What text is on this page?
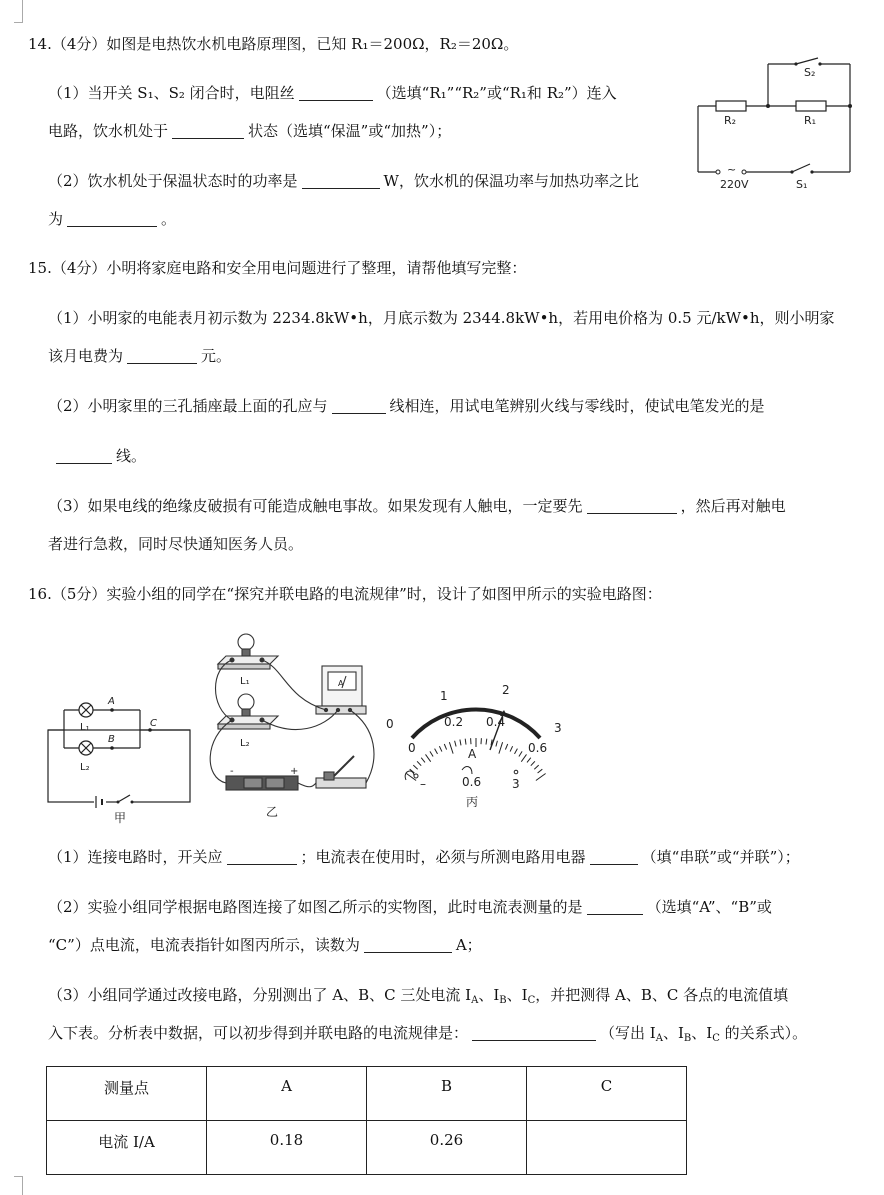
14.（4分）如图是电热饮水机电路原理图，已知 R₁＝200Ω，R₂＝20Ω。
（1）当开关 S₁、S₂ 闭合时，电阻丝	（选填“R₁”“R₂”或“R₁和 R₂”）连入
电路，饮水机处于	状态（选填“保温”或“加热”）；
（2）饮水机处于保温状态时的功率是	W，饮水机的保温功率与加热功率之比
为	。
S₂
R₂	R₁
~
220V	S₁
15.（4分）小明将家庭电路和安全用电问题进行了整理，请帮他填写完整：
（1）小明家的电能表月初示数为 2234.8kW•h，月底示数为 2344.8kW•h，若用电价格为 0.5 元/kW•h，则小明家
该月电费为	元。
（2）小明家里的三孔插座最上面的孔应与	线相连，用试电笔辨别火线与零线时，使试电笔发光的是
线。
（3）如果电线的绝缘皮破损有可能造成触电事故。如果发现有人触电，一定要先	，然后再对触电
者进行急救，同时尽快通知医务人员。
16.（5分）实验小组的同学在“探究并联电路的电流规律”时，设计了如图甲所示的实验电路图：
A
B
C
L₁
L₂
甲
L₁
L₂
A
-	+
乙
0
1	2
3
0
0.2 0.4
0.6
A
–	0.6	3
丙
（1）连接电路时，开关应	；电流表在使用时，必须与所测电路用电器	（填“串联”或“并联”）；
（2）实验小组同学根据电路图连接了如图乙所示的实物图，此时电流表测量的是	（选填“A”、“B”或
“C”）点电流，电流表指针如图丙所示，读数为	A；
（3）小组同学通过改接电路，分别测出了 A、B、C 三处电流 $I_A$、$I_B$、$I_C$，并把测得 A、B、C 各点的电流值填
入下表。分析表中数据，可以初步得到并联电路的电流规律是：	（写出 $I_A$、$I_B$、$I_C$ 的关系式）。
测量点	A	B	C
电流 I/A	0.18	0.26	
